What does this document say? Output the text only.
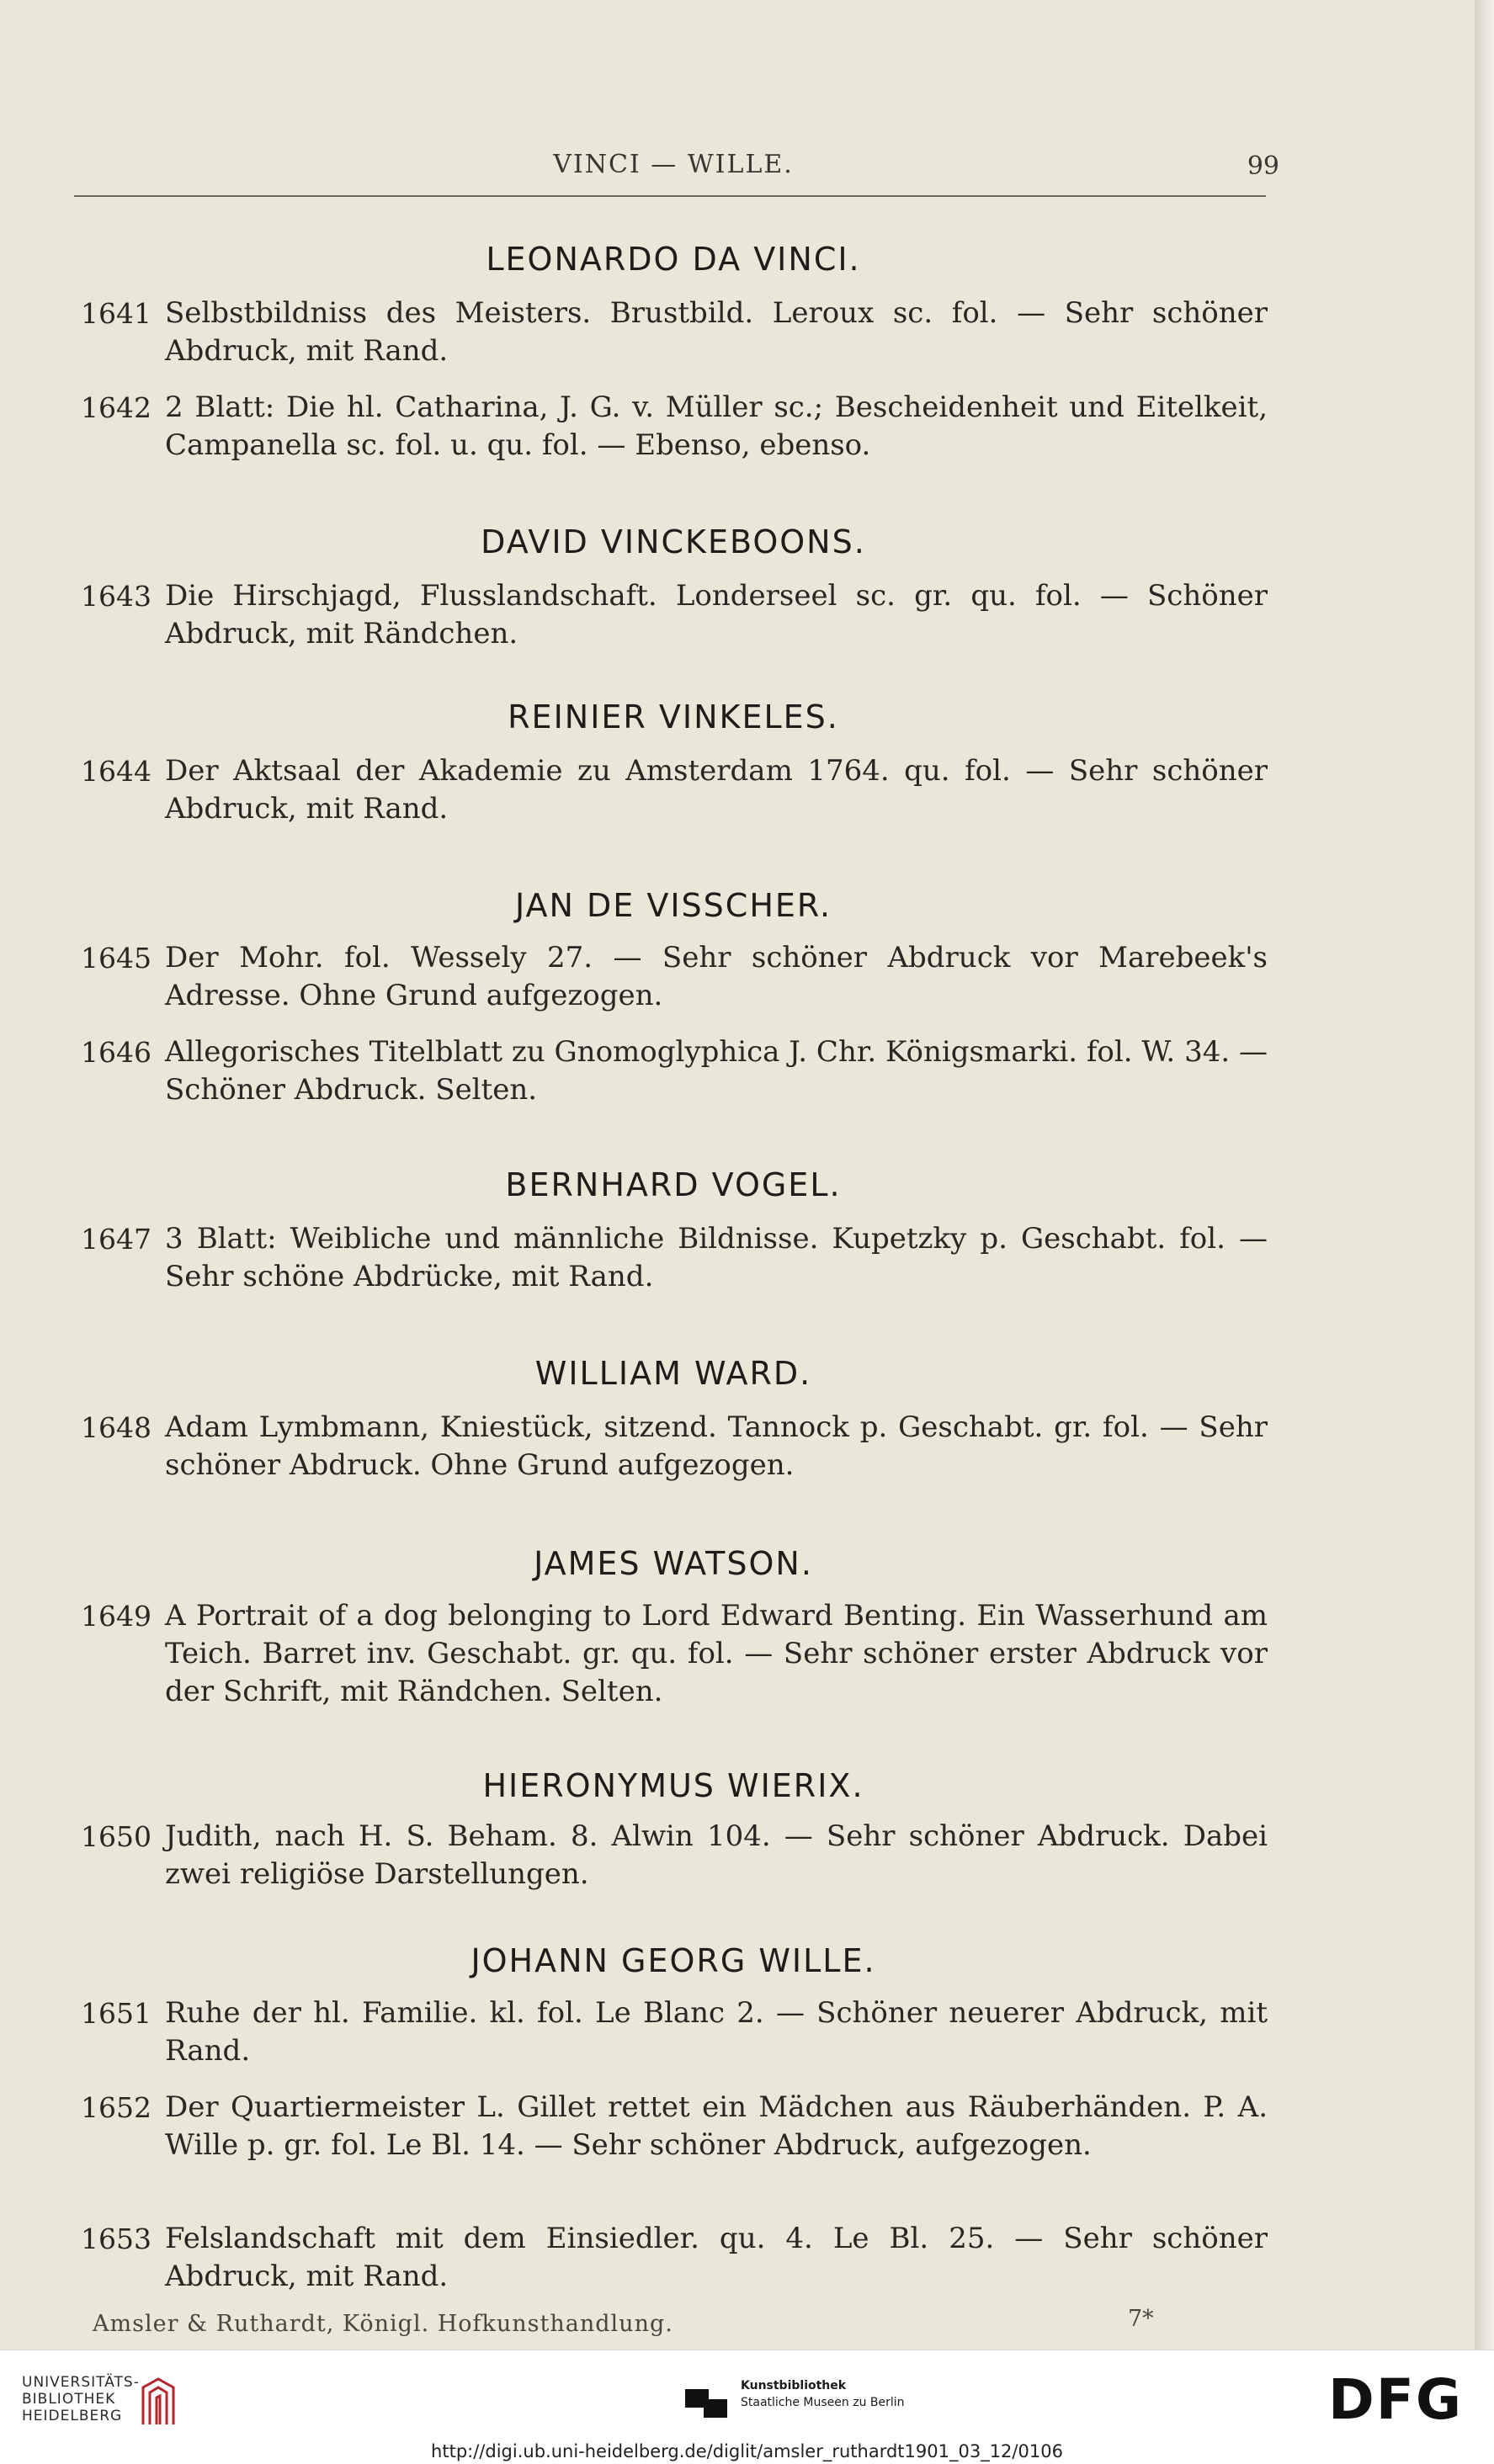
VINCI — WILLE.	99
LEONARDO DA VINCI.
1641 Selbstbildniss des Meisters. Brustbild. Leroux sc. fol. — Sehr schöner Abdruck, mit Rand.
1642 2 Blatt: Die hl. Catharina, J. G. v. Müller sc.; Bescheidenheit und Eitelkeit, Campanella sc. fol. u. qu. fol. — Ebenso, ebenso.
DAVID VINCKEBOONS.
1643 Die Hirschjagd, Flusslandschaft. Londerseel sc. gr. qu. fol. — Schöner Abdruck, mit Rändchen.
REINIER VINKELES.
1644 Der Aktsaal der Akademie zu Amsterdam 1764. qu. fol. — Sehr schöner Abdruck, mit Rand.
JAN DE VISSCHER.
1645 Der Mohr. fol. Wessely 27. — Sehr schöner Abdruck vor Marebeek's Adresse. Ohne Grund aufgezogen.
1646 Allegorisches Titelblatt zu Gnomoglyphica J. Chr. Königsmarki. fol. W. 34. — Schöner Abdruck. Selten.
BERNHARD VOGEL.
1647 3 Blatt: Weibliche und männliche Bildnisse. Kupetzky p. Geschabt. fol. — Sehr schöne Abdrücke, mit Rand.
WILLIAM WARD.
1648 Adam Lymbmann, Kniestück, sitzend. Tannock p. Geschabt. gr. fol. — Sehr schöner Abdruck. Ohne Grund aufgezogen.
JAMES WATSON.
1649 A Portrait of a dog belonging to Lord Edward Benting. Ein Wasserhund am Teich. Barret inv. Geschabt. gr. qu. fol. — Sehr schöner erster Abdruck vor der Schrift, mit Rändchen. Selten.
HIERONYMUS WIERIX.
1650 Judith, nach H. S. Beham. 8. Alwin 104. — Sehr schöner Abdruck. Dabei zwei religiöse Darstellungen.
JOHANN GEORG WILLE.
1651 Ruhe der hl. Familie. kl. fol. Le Blanc 2. — Schöner neuerer Abdruck, mit Rand.
1652 Der Quartiermeister L. Gillet rettet ein Mädchen aus Räuberhänden. P. A. Wille p. gr. fol. Le Bl. 14. — Sehr schöner Abdruck, aufgezogen.
1653 Felslandschaft mit dem Einsiedler. qu. 4. Le Bl. 25. — Sehr schöner Abdruck, mit Rand.
Amsler & Ruthardt, Königl. Hofkunsthandlung.	7*
UNIVERSITÄTS-
BIBLIOTHEK
HEIDELBERG
Kunstbibliothek
Staatliche Museen zu Berlin	DFG
http://digi.ub.uni-heidelberg.de/diglit/amsler_ruthardt1901_03_12/0106
